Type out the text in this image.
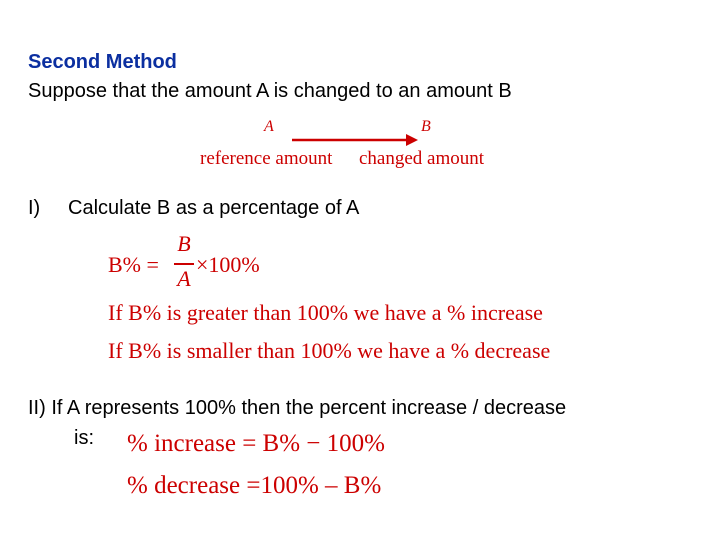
Second Method
Suppose that the amount A is changed to an amount B
A	B
reference amount changed amount
I) Calculate B as a percentage of A
B% =
B
A
×100%
If B% is greater than 100% we have a % increase
If B% is smaller than 100% we have a % decrease
II) If A represents 100% then the percent increase / decrease
is: % increase = B% − 100%
% decrease =100% – B%
